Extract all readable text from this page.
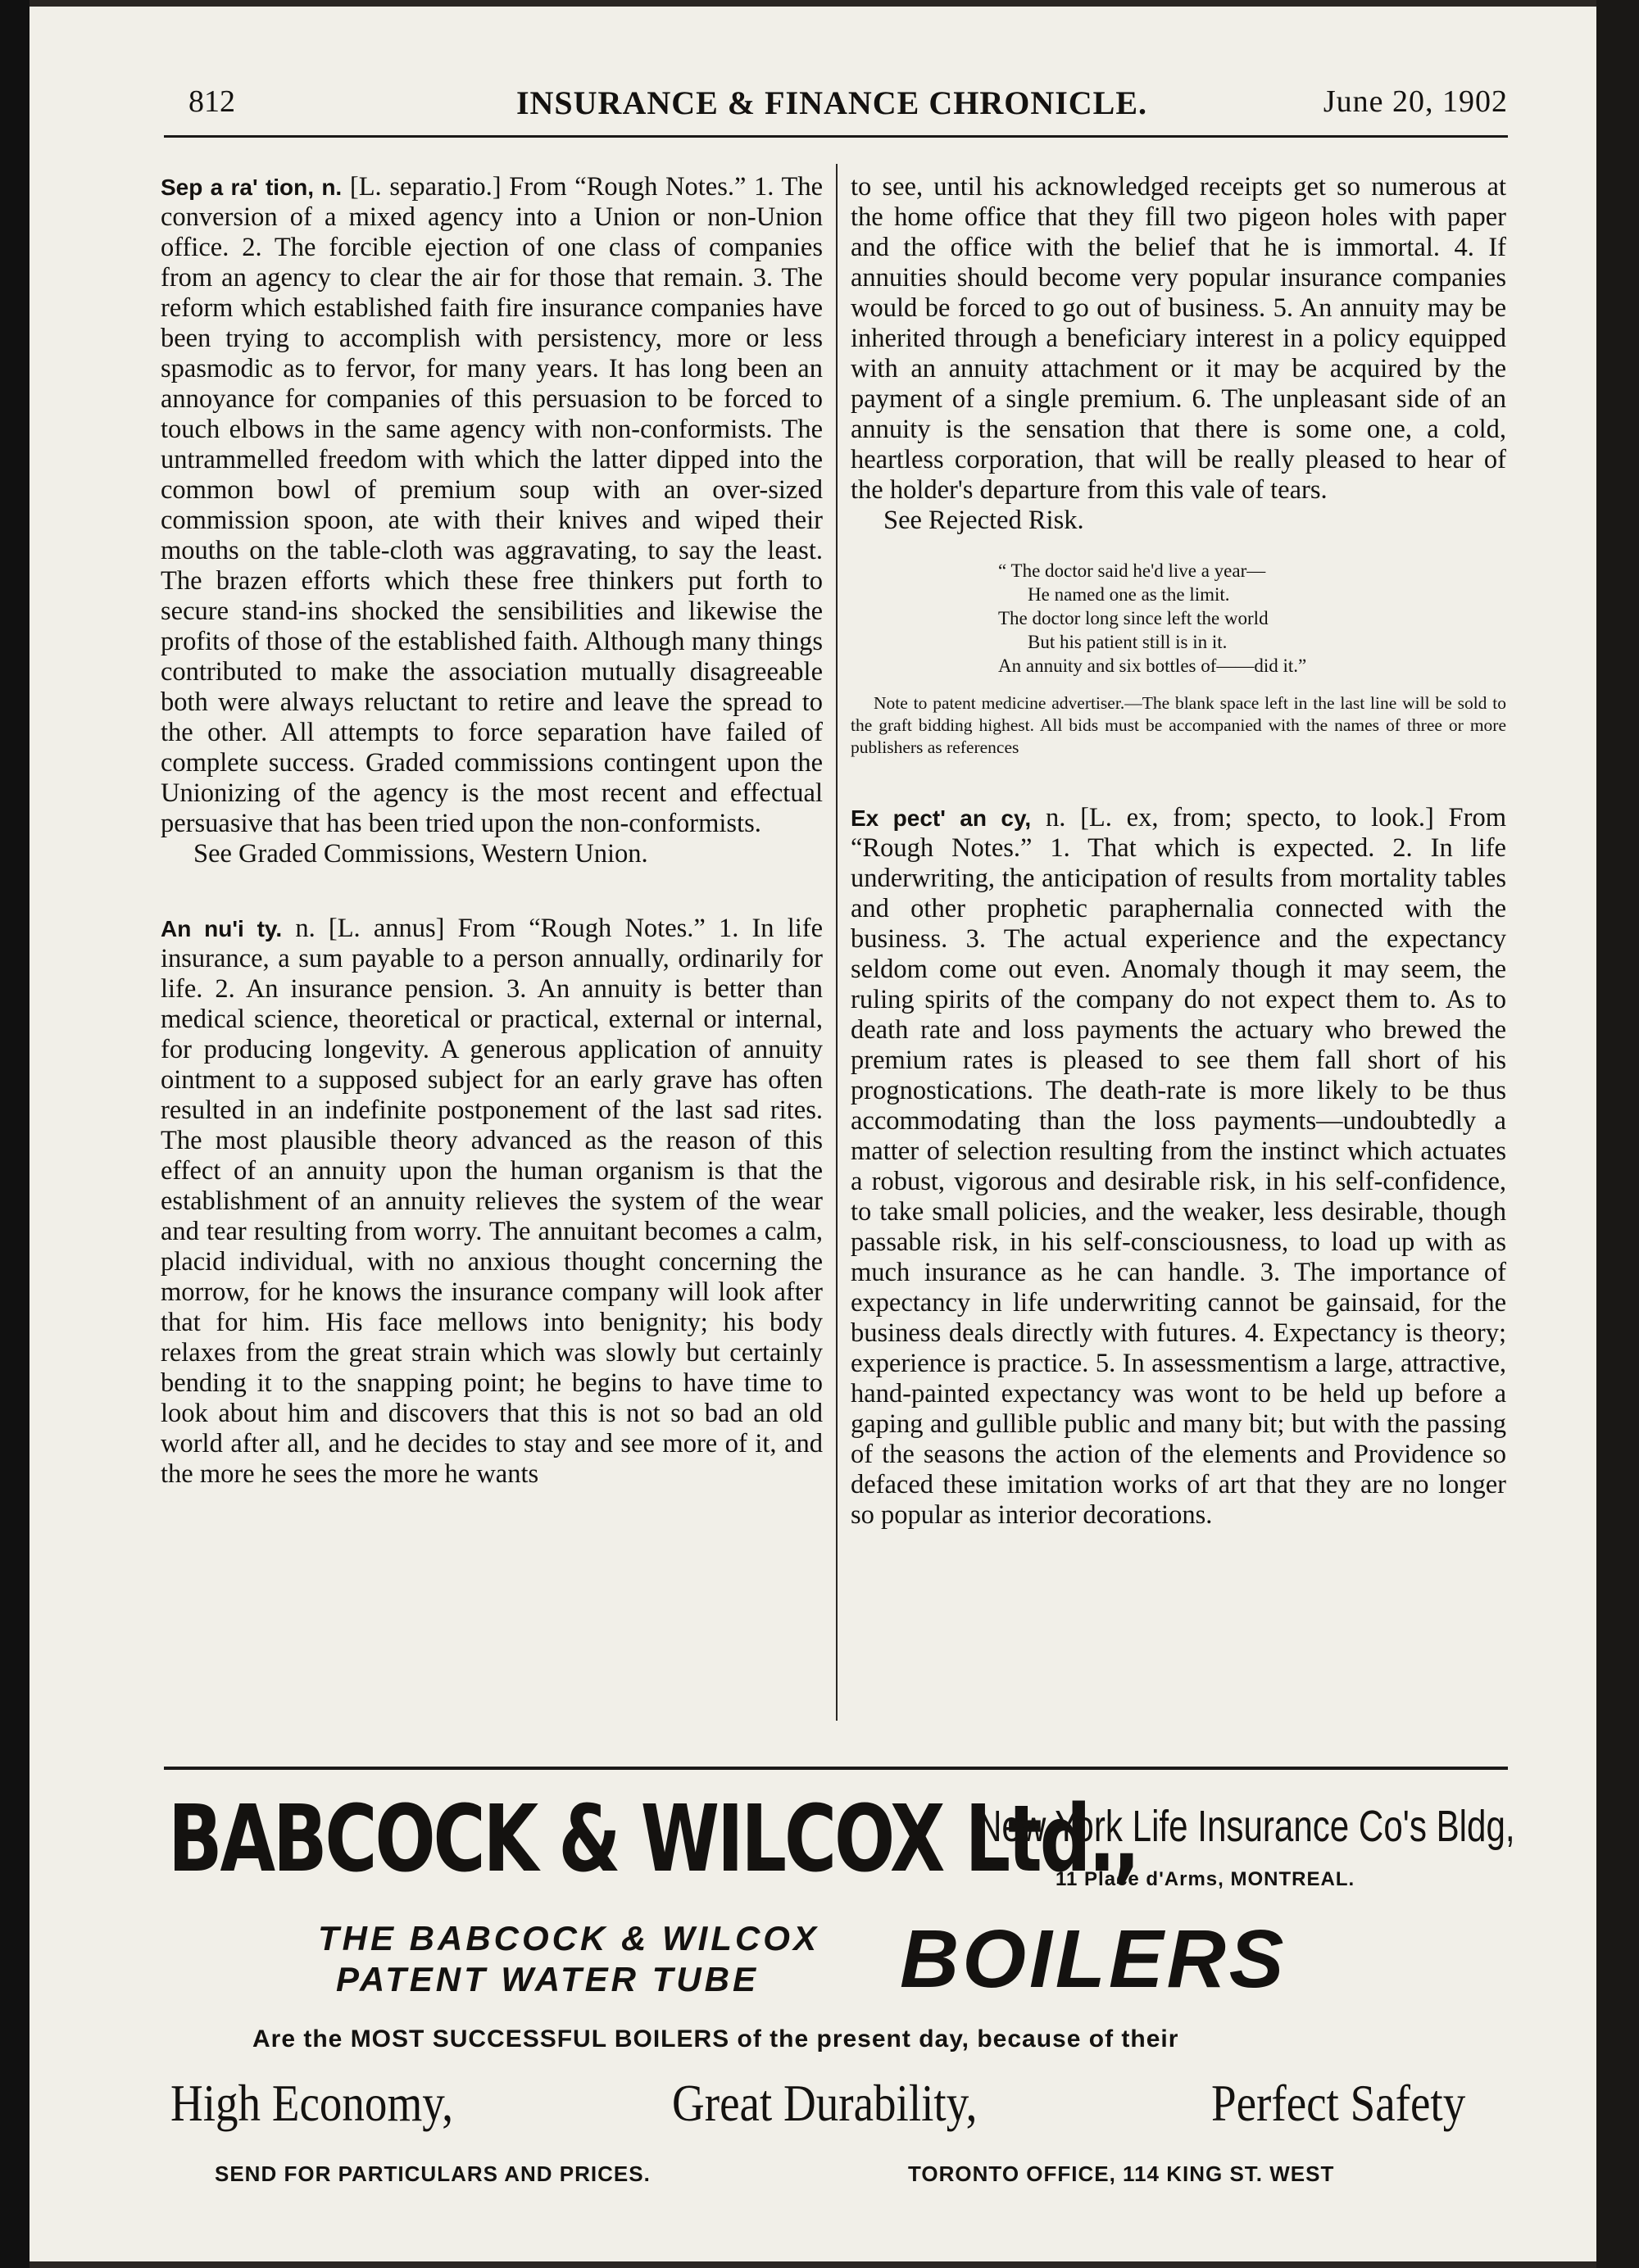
812	INSURANCE & FINANCE CHRONICLE.	June 20, 1902

Sep a ra' tion, n. [L. separatio.] From “Rough Notes.” 1. The conversion of a mixed agency into a Union or non-Union office. 2. The forcible ejection of one class of companies from an agency to clear the air for those that remain. 3. The reform which established faith fire insurance companies have been trying to accomplish with persistency, more or less spasmodic as to fervor, for many years. It has long been an annoyance for companies of this persuasion to be forced to touch elbows in the same agency with non-conformists. The untrammelled freedom with which the latter dipped into the common bowl of premium soup with an over-sized commission spoon, ate with their knives and wiped their mouths on the table-cloth was aggravating, to say the least. The brazen efforts which these free thinkers put forth to secure stand-ins shocked the sensibilities and likewise the profits of those of the established faith. Although many things contributed to make the association mutually disagreeable both were always reluctant to retire and leave the spread to the other. All attempts to force separation have failed of complete success. Graded commissions contingent upon the Unionizing of the agency is the most recent and effectual persuasive that has been tried upon the non-conformists.

See Graded Commissions, Western Union.

An nu'i ty. n. [L. annus] From “Rough Notes.” 1. In life insurance, a sum payable to a person annually, ordinarily for life. 2. An insurance pension. 3. An annuity is better than medical science, theoretical or practical, external or internal, for producing longevity. A generous application of annuity ointment to a supposed subject for an early grave has often resulted in an indefinite postponement of the last sad rites. The most plausible theory advanced as the reason of this effect of an annuity upon the human organism is that the establishment of an annuity relieves the system of the wear and tear resulting from worry. The annuitant becomes a calm, placid individual, with no anxious thought concerning the morrow, for he knows the insurance company will look after that for him. His face mellows into benignity; his body relaxes from the great strain which was slowly but certainly bending it to the snapping point; he begins to have time to look about him and discovers that this is not so bad an old world after all, and he decides to stay and see more of it, and the more he sees the more he wants

to see, until his acknowledged receipts get so numerous at the home office that they fill two pigeon holes with paper and the office with the belief that he is immortal. 4. If annuities should become very popular insurance companies would be forced to go out of business. 5. An annuity may be inherited through a beneficiary interest in a policy equipped with an annuity attachment or it may be acquired by the payment of a single premium. 6. The unpleasant side of an annuity is the sensation that there is some one, a cold, heartless corporation, that will be really pleased to hear of the holder's departure from this vale of tears.

See Rejected Risk.

“ The doctor said he'd live a year—
He named one as the limit.
The doctor long since left the world
But his patient still is in it.
An annuity and six bottles of——did it.”

Note to patent medicine advertiser.—The blank space left in the last line will be sold to the graft bidding highest. All bids must be accompanied with the names of three or more publishers as references

Ex pect' an cy, n. [L. ex, from; specto, to look.] From “Rough Notes.” 1. That which is expected. 2. In life underwriting, the anticipation of results from mortality tables and other prophetic paraphernalia connected with the business. 3. The actual experience and the expectancy seldom come out even. Anomaly though it may seem, the ruling spirits of the company do not expect them to. As to death rate and loss payments the actuary who brewed the premium rates is pleased to see them fall short of his prognostications. The death-rate is more likely to be thus accommodating than the loss payments—undoubtedly a matter of selection resulting from the instinct which actuates a robust, vigorous and desirable risk, in his self-confidence, to take small policies, and the weaker, less desirable, though passable risk, in his self-consciousness, to load up with as much insurance as he can handle. 3. The importance of expectancy in life underwriting cannot be gainsaid, for the business deals directly with futures. 4. Expectancy is theory; experience is practice. 5. In assessmentism a large, attractive, hand-painted expectancy was wont to be held up before a gaping and gullible public and many bit; but with the passing of the seasons the action of the elements and Providence so defaced these imitation works of art that they are no longer so popular as interior decorations.

BABCOCK & WILCOX Ltd.,
New York Life Insurance Co's Bldg,
11 Place d'Arms, MONTREAL.
THE BABCOCK & WILCOX
PATENT WATER TUBE BOILERS
Are the MOST SUCCESSFUL BOILERS of the present day, because of their
High Economy,	Great Durability,	Perfect Safety
SEND FOR PARTICULARS AND PRICES.	TORONTO OFFICE, 114 KING ST. WEST
